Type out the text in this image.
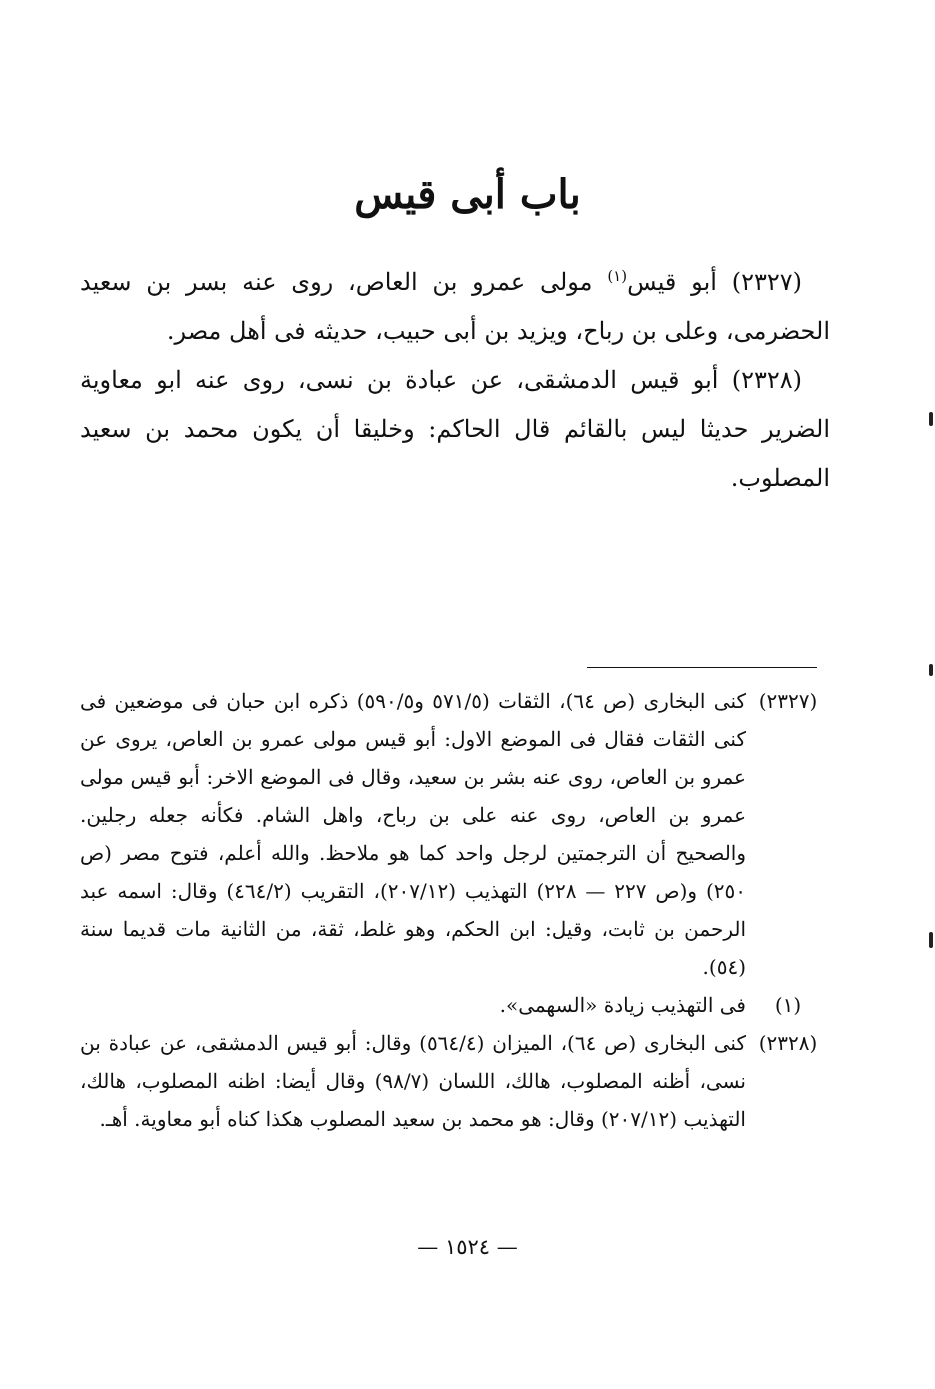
باب أبى قيس

(٢٣٢٧) أبو قيس$^{(١)}$ مولى عمرو بن العاص، روى عنه بسر بن سعيد الحضرمى، وعلى بن رباح، ويزيد بن أبى حبيب، حديثه فى أهل مصر.

(٢٣٢٨) أبو قيس الدمشقى، عن عبادة بن نسى، روى عنه ابو معاوية الضرير حديثا ليس بالقائم قال الحاكم: وخليقا أن يكون محمد بن سعيد المصلوب.

(٢٣٢٧)
كنى البخارى (ص ٦٤)، الثقات (٥٧١/٥ و٥٩٠/٥) ذكره ابن حبان فى موضعين فى كنى الثقات فقال فى الموضع الاول: أبو قيس مولى عمرو بن العاص، يروى عن عمرو بن العاص، روى عنه بشر بن سعيد، وقال فى الموضع الاخر: أبو قيس مولى عمرو بن العاص، روى عنه على بن رباح، واهل الشام. فكأنه جعله رجلين. والصحيح أن الترجمتين لرجل واحد كما هو ملاحظ. والله أعلم، فتوح مصر (ص ٢٥٠) و(ص ٢٢٧ — ٢٢٨) التهذيب (٢٠٧/١٢)، التقريب (٤٦٤/٢) وقال: اسمه عبد الرحمن بن ثابت، وقيل: ابن الحكم، وهو غلط، ثقة، من الثانية مات قديما سنة (٥٤).
(١)
فى التهذيب زيادة «السهمى».
(٢٣٢٨)
كنى البخارى (ص ٦٤)، الميزان (٥٦٤/٤) وقال: أبو قيس الدمشقى، عن عبادة بن نسى، أظنه المصلوب، هالك، اللسان (٩٨/٧) وقال أيضا: اظنه المصلوب، هالك، التهذيب (٢٠٧/١٢) وقال: هو محمد بن سعيد المصلوب هكذا كناه أبو معاوية. أهـ.
— ١٥٢٤ —
